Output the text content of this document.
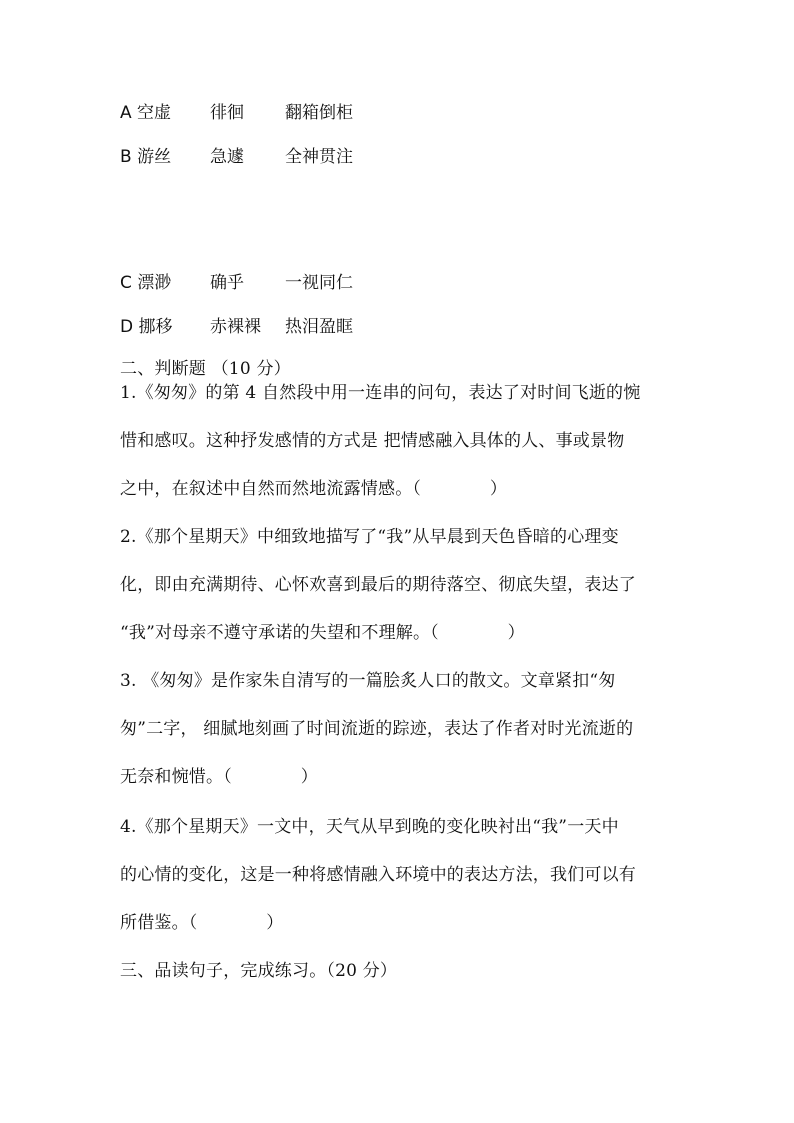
A 空虚 徘徊 翻箱倒柜
B 游丝 急遽 全神贯注
C 漂渺 确乎 一视同仁
D 挪移 赤裸裸 热泪盈眶
二、判断题 （10 分）
1.《匆匆》的第 4 自然段中用一连串的问句，表达了对时间飞逝的惋
惜和感叹。这种抒发感情的方式是 把情感融入具体的人、事或景物
之中，在叙述中自然而然地流露情感。（　　　　）
2.《那个星期天》中细致地描写了“我”从早晨到天色昏暗的心理变
化，即由充满期待、心怀欢喜到最后的期待落空、彻底失望，表达了
“我”对母亲不遵守承诺的失望和不理解。（　　　　）
3. 《匆匆》是作家朱自清写的一篇脍炙人口的散文。文章紧扣“匆
匆”二字， 细腻地刻画了时间流逝的踪迹，表达了作者对时光流逝的
无奈和惋惜。（　　　　）
4.《那个星期天》一文中，天气从早到晚的变化映衬出“我”一天中
的心情的变化，这是一种将感情融入环境中的表达方法，我们可以有
所借鉴。（　　　　）
三、品读句子，完成练习。（20 分）
